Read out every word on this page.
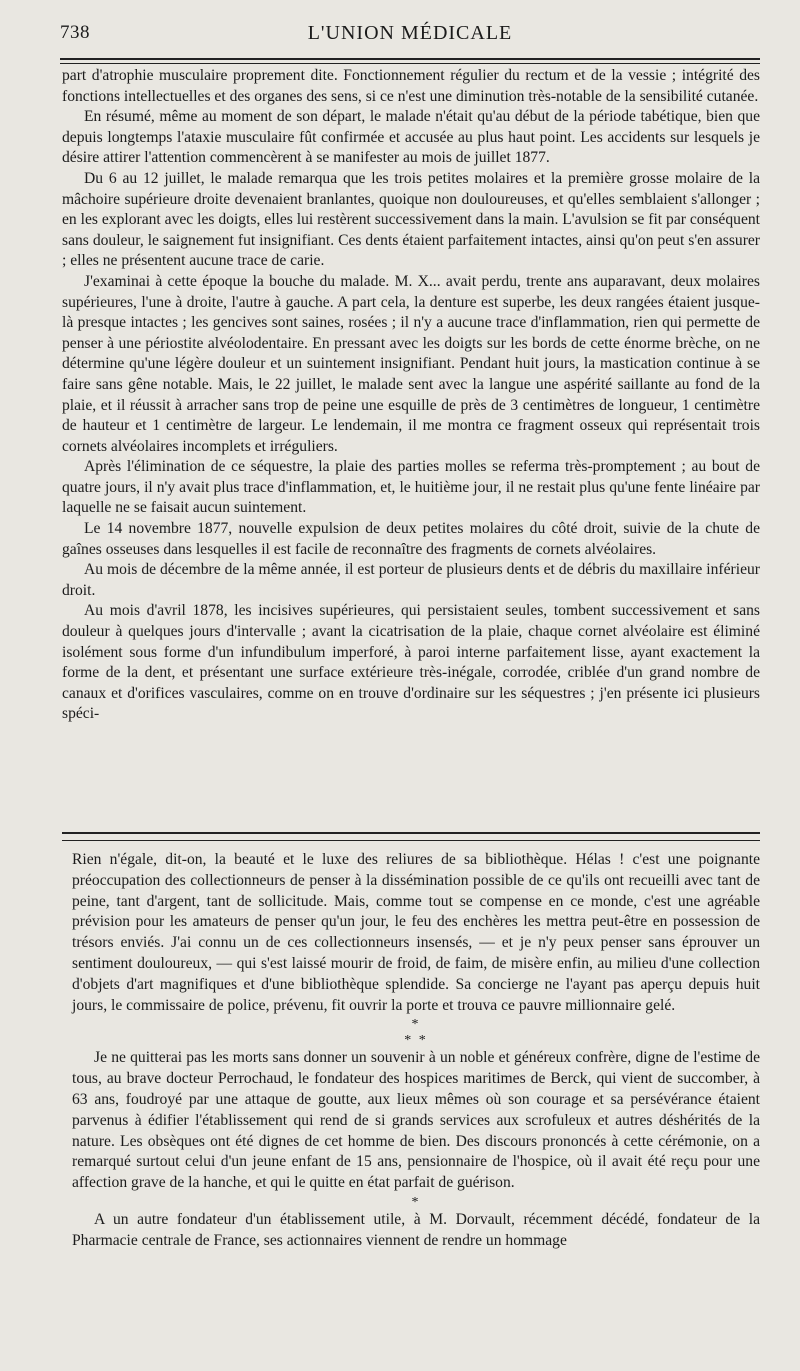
738	L'UNION MÉDICALE

part d'atrophie musculaire proprement dite. Fonctionnement régulier du rectum et de la vessie ; intégrité des fonctions intellectuelles et des organes des sens, si ce n'est une diminution très-notable de la sensibilité cutanée.

En résumé, même au moment de son départ, le malade n'était qu'au début de la période tabétique, bien que depuis longtemps l'ataxie musculaire fût confirmée et accusée au plus haut point. Les accidents sur lesquels je désire attirer l'attention commencèrent à se manifester au mois de juillet 1877.

Du 6 au 12 juillet, le malade remarqua que les trois petites molaires et la première grosse molaire de la mâchoire supérieure droite devenaient branlantes, quoique non douloureuses, et qu'elles semblaient s'allonger ; en les explorant avec les doigts, elles lui restèrent successivement dans la main. L'avulsion se fit par conséquent sans douleur, le saignement fut insignifiant. Ces dents étaient parfaitement intactes, ainsi qu'on peut s'en assurer ; elles ne présentent aucune trace de carie.

J'examinai à cette époque la bouche du malade. M. X... avait perdu, trente ans auparavant, deux molaires supérieures, l'une à droite, l'autre à gauche. A part cela, la denture est superbe, les deux rangées étaient jusque-là presque intactes ; les gencives sont saines, rosées ; il n'y a aucune trace d'inflammation, rien qui permette de penser à une périostite alvéolodentaire. En pressant avec les doigts sur les bords de cette énorme brèche, on ne détermine qu'une légère douleur et un suintement insignifiant. Pendant huit jours, la mastication continue à se faire sans gêne notable. Mais, le 22 juillet, le malade sent avec la langue une aspérité saillante au fond de la plaie, et il réussit à arracher sans trop de peine une esquille de près de 3 centimètres de longueur, 1 centimètre de hauteur et 1 centimètre de largeur. Le lendemain, il me montra ce fragment osseux qui représentait trois cornets alvéolaires incomplets et irréguliers.

Après l'élimination de ce séquestre, la plaie des parties molles se referma très-promptement ; au bout de quatre jours, il n'y avait plus trace d'inflammation, et, le huitième jour, il ne restait plus qu'une fente linéaire par laquelle ne se faisait aucun suintement.

Le 14 novembre 1877, nouvelle expulsion de deux petites molaires du côté droit, suivie de la chute de gaînes osseuses dans lesquelles il est facile de reconnaître des fragments de cornets alvéolaires.

Au mois de décembre de la même année, il est porteur de plusieurs dents et de débris du maxillaire inférieur droit.

Au mois d'avril 1878, les incisives supérieures, qui persistaient seules, tombent successivement et sans douleur à quelques jours d'intervalle ; avant la cicatrisation de la plaie, chaque cornet alvéolaire est éliminé isolément sous forme d'un infundibulum imperforé, à paroi interne parfaitement lisse, ayant exactement la forme de la dent, et présentant une surface extérieure très-inégale, corrodée, criblée d'un grand nombre de canaux et d'orifices vasculaires, comme on en trouve d'ordinaire sur les séquestres ; j'en présente ici plusieurs spéci-

Rien n'égale, dit-on, la beauté et le luxe des reliures de sa bibliothèque. Hélas ! c'est une poignante préoccupation des collectionneurs de penser à la dissémination possible de ce qu'ils ont recueilli avec tant de peine, tant d'argent, tant de sollicitude. Mais, comme tout se compense en ce monde, c'est une agréable prévision pour les amateurs de penser qu'un jour, le feu des enchères les mettra peut-être en possession de trésors enviés. J'ai connu un de ces collectionneurs insensés, — et je n'y peux penser sans éprouver un sentiment douloureux, — qui s'est laissé mourir de froid, de faim, de misère enfin, au milieu d'une collection d'objets d'art magnifiques et d'une bibliothèque splendide. Sa concierge ne l'ayant pas aperçu depuis huit jours, le commissaire de police, prévenu, fit ouvrir la porte et trouva ce pauvre millionnaire gelé.

*
* *

Je ne quitterai pas les morts sans donner un souvenir à un noble et généreux confrère, digne de l'estime de tous, au brave docteur Perrochaud, le fondateur des hospices maritimes de Berck, qui vient de succomber, à 63 ans, foudroyé par une attaque de goutte, aux lieux mêmes où son courage et sa persévérance étaient parvenus à édifier l'établissement qui rend de si grands services aux scrofuleux et autres déshérités de la nature. Les obsèques ont été dignes de cet homme de bien. Des discours prononcés à cette cérémonie, on a remarqué surtout celui d'un jeune enfant de 15 ans, pensionnaire de l'hospice, où il avait été reçu pour une affection grave de la hanche, et qui le quitte en état parfait de guérison.

*

A un autre fondateur d'un établissement utile, à M. Dorvault, récemment décédé, fondateur de la Pharmacie centrale de France, ses actionnaires viennent de rendre un hommage
